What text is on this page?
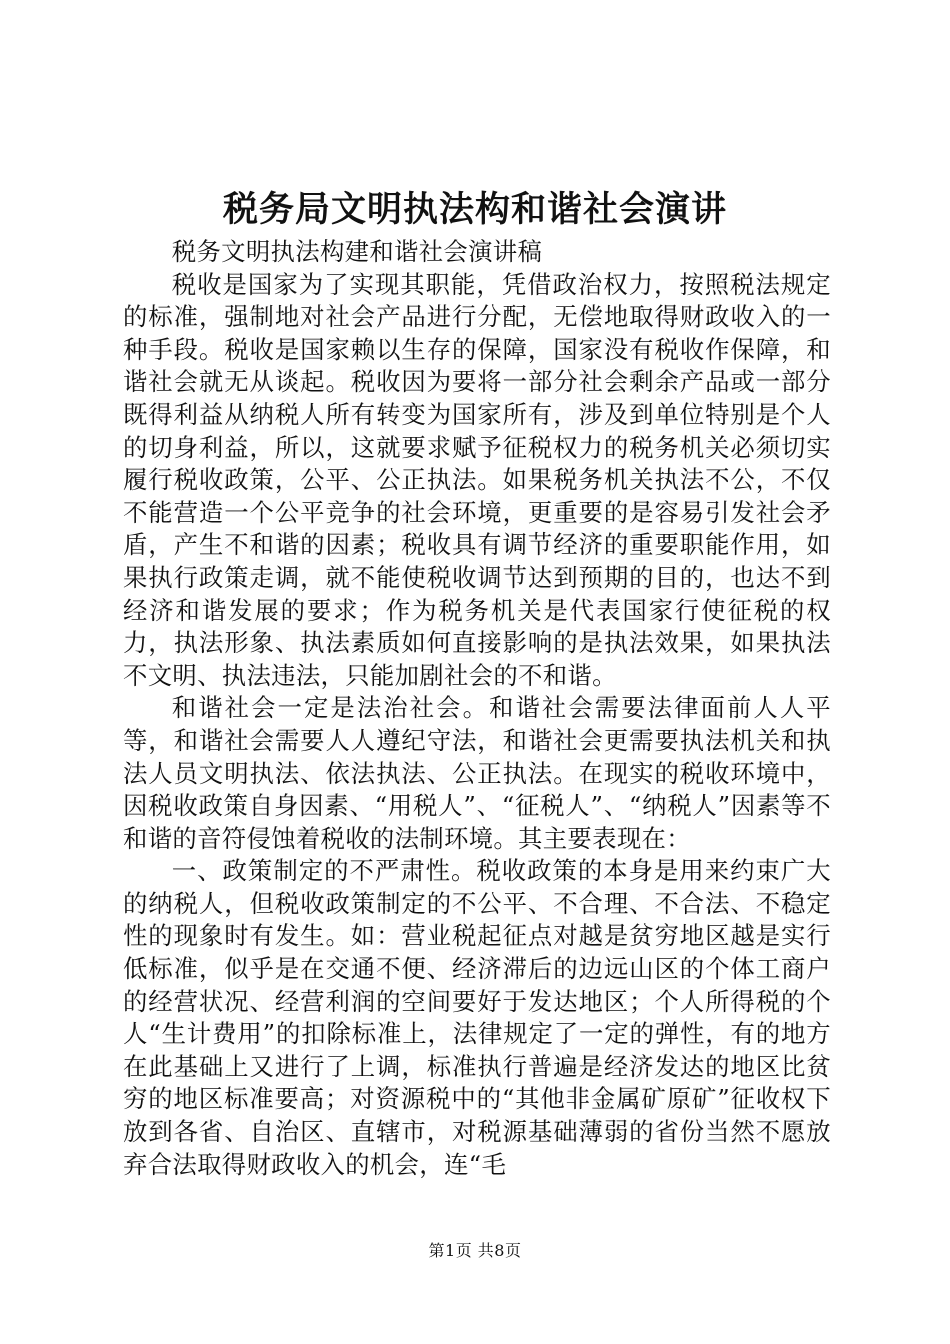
税务局文明执法构和谐社会演讲

税务文明执法构建和谐社会演讲稿

税收是国家为了实现其职能，凭借政治权力，按照税法规定的标准，强制地对社会产品进行分配，无偿地取得财政收入的一种手段。税收是国家赖以生存的保障，国家没有税收作保障，和谐社会就无从谈起。税收因为要将一部分社会剩余产品或一部分既得利益从纳税人所有转变为国家所有，涉及到单位特别是个人的切身利益，所以，这就要求赋予征税权力的税务机关必须切实履行税收政策，公平、公正执法。如果税务机关执法不公，不仅不能营造一个公平竞争的社会环境，更重要的是容易引发社会矛盾，产生不和谐的因素；税收具有调节经济的重要职能作用，如果执行政策走调，就不能使税收调节达到预期的目的，也达不到经济和谐发展的要求；作为税务机关是代表国家行使征税的权力，执法形象、执法素质如何直接影响的是执法效果，如果执法不文明、执法违法，只能加剧社会的不和谐。

和谐社会一定是法治社会。和谐社会需要法律面前人人平等，和谐社会需要人人遵纪守法，和谐社会更需要执法机关和执法人员文明执法、依法执法、公正执法。在现实的税收环境中，因税收政策自身因素、“用税人”、“征税人”、“纳税人”因素等不和谐的音符侵蚀着税收的法制环境。其主要表现在：

一、政策制定的不严肃性。税收政策的本身是用来约束广大的纳税人，但税收政策制定的不公平、不合理、不合法、不稳定性的现象时有发生。如：营业税起征点对越是贫穷地区越是实行低标准，似乎是在交通不便、经济滞后的边远山区的个体工商户的经营状况、经营利润的空间要好于发达地区；个人所得税的个人“生计费用”的扣除标准上，法律规定了一定的弹性，有的地方在此基础上又进行了上调，标准执行普遍是经济发达的地区比贫穷的地区标准要高；对资源税中的“其他非金属矿原矿”征收权下放到各省、自治区、直辖市，对税源基础薄弱的省份当然不愿放弃合法取得财政收入的机会，连“毛

第1页 共8页
